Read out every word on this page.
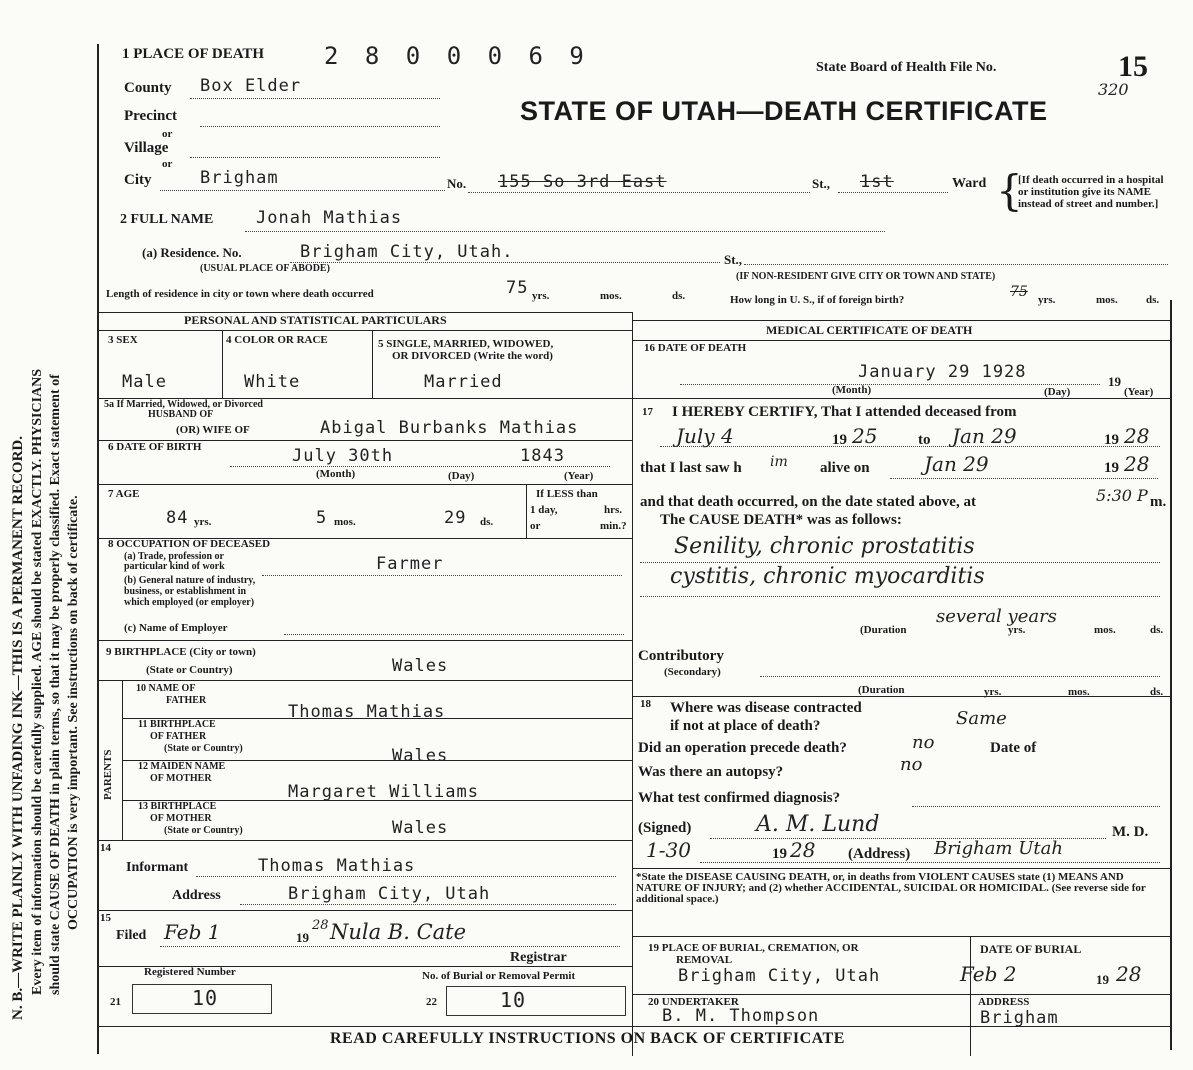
N. B.—WRITE PLAINLY WITH UNFADING INK—THIS IS A PERMANENT RECORD. Every item of information should be carefully supplied. AGE should be stated EXACTLY. PHYSICIANS should state CAUSE OF DEATH in plain terms, so that it may be properly classified. Exact statement of OCCUPATION is very important. See instructions on back of certificate.
1 PLACE OF DEATH 2 8 0 0 0 6 9	State Board of Health File No.	15
320
STATE OF UTAH—DEATH CERTIFICATE
County Box Elder
Precinct
or
Village
or
City	Brigham	No. 155 So 3rd East	St., 1st	Ward {
[If death occurred in a hospital or institution give its NAME instead of street and number.]
2 FULL NAME	Jonah Mathias
(a) Residence. No.	Brigham City, Utah.	St.,
(USUAL PLACE OF ABODE)
(IF NON-RESIDENT GIVE CITY OR TOWN AND STATE)
Length of residence in city or town where death occurred	75 yrs.	mos.	ds.	How long in U. S., if of foreign birth?	75 yrs.	mos.	ds.
PERSONAL AND STATISTICAL PARTICULARS
MEDICAL CERTIFICATE OF DEATH
3 SEX
Male
4 COLOR OR RACE
White
5 SINGLE, MARRIED, WIDOWED,
OR DIVORCED (Write the word)
Married
5a If Married, Widowed, or Divorced
HUSBAND OF
(OR) WIFE OF	Abigal Burbanks Mathias
6 DATE OF BIRTH	July 30th	1843
(Month)	(Day)	(Year)
7 AGE
84 yrs.	5 mos.	29 ds.
If LESS than
1 day,	hrs.
or	min.?
8 OCCUPATION OF DECEASED
(a) Trade, profession or
particular kind of work
(b) General nature of industry,
business, or establishment in
which employed (or employer)
Farmer
(c) Name of Employer
9 BIRTHPLACE (City or town)
(State or Country)	Wales
PARENTS
10 NAME OF
FATHER
Thomas Mathias
11 BIRTHPLACE
OF FATHER
(State or Country)	Wales
12 MAIDEN NAME
OF MOTHER
Margaret Williams
13 BIRTHPLACE
OF MOTHER
(State or Country)	Wales
14
Informant	Thomas Mathias
Address	Brigham City, Utah
15
Filed Feb 1	19
28 Nula B. Cate
Registrar
Registered Number	No. of Burial or Removal Permit
21	10	22	10
16 DATE OF DEATH
January 29 1928	19
(Month)	(Day)	(Year)
17 I HEREBY CERTIFY, That I attended deceased from
July 4	19 25	to Jan 29	19 28
that I last saw h im alive on	Jan 29	19 28
and that death occurred, on the date stated above, at	5:30 P m.
The CAUSE DEATH* was as follows:
Senility, chronic prostatitis
cystitis, chronic myocarditis
several years
(Duration	yrs.	mos.	ds.
Contributory
(Secondary)
(Duration	yrs.	mos.	ds.
18 Where was disease contracted
if not at place of death?	Same
Did an operation precede death?	no	Date of
Was there an autopsy?	no
What test confirmed diagnosis?
(Signed)	A. M. Lund	M. D.
1-30	19 28 (Address) Brigham Utah
*State the DISEASE CAUSING DEATH, or, in deaths from VIOLENT CAUSES state (1) MEANS AND NATURE OF INJURY; and (2) whether ACCIDENTAL, SUICIDAL OR HOMICIDAL. (See reverse side for additional space.)
19 PLACE OF BURIAL, CREMATION, OR
REMOVAL
Brigham City, Utah
DATE OF BURIAL
Feb 2	19 28
20 UNDERTAKER
B. M. Thompson
ADDRESS
Brigham
READ CAREFULLY INSTRUCTIONS ON BACK OF CERTIFICATE
